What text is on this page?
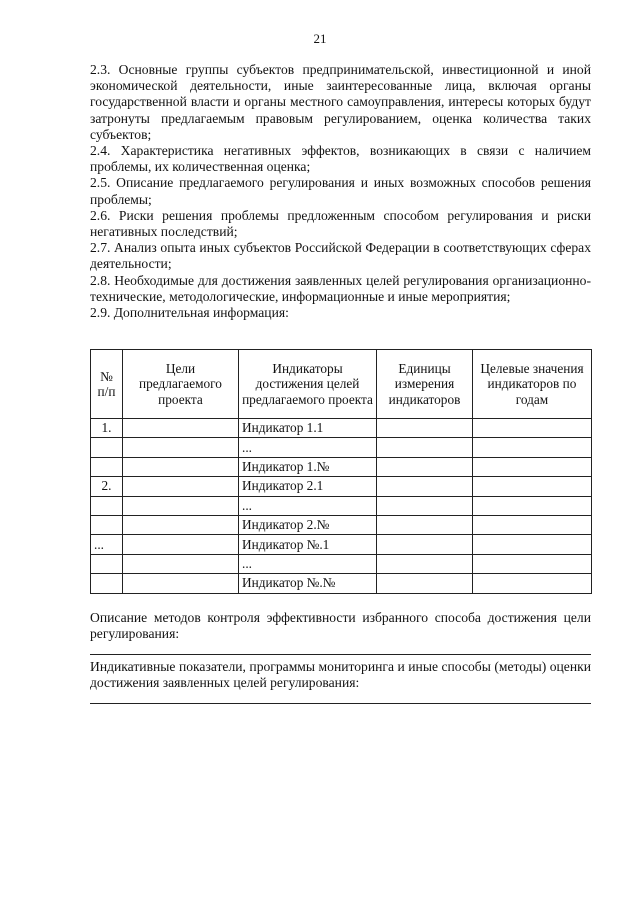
21

2.3. Основные группы субъектов предпринимательской, инвестиционной и иной экономической деятельности, иные заинтересованные лица, включая органы государственной власти и органы местного самоуправления, интересы которых будут затронуты предлагаемым правовым регулированием, оценка количества таких субъектов;

2.4. Характеристика негативных эффектов, возникающих в связи с наличием проблемы, их количественная оценка;

2.5. Описание предлагаемого регулирования и иных возможных способов решения проблемы;

2.6. Риски решения проблемы предложенным способом регулирования и риски негативных последствий;

2.7. Анализ опыта иных субъектов Российской Федерации в соответствующих сферах деятельности;

2.8. Необходимые для достижения заявленных целей регулирования организационно-технические, методологические, информационные и иные мероприятия;

2.9. Дополнительная информация:

№ п/п	Цели предлагаемого проекта	Индикаторы достижения целей предлагаемого проекта	Единицы измерения индикаторов	Целевые значения индикаторов по годам
1.		Индикатор 1.1		
		...		
		Индикатор 1.№		
2.		Индикатор 2.1		
		...		
		Индикатор 2.№		
...		Индикатор №.1		
		...		
		Индикатор №.№		
Описание методов контроля эффективности избранного способа достижения цели регулирования:
Индикативные показатели, программы мониторинга и иные способы (методы) оценки достижения заявленных целей регулирования:
